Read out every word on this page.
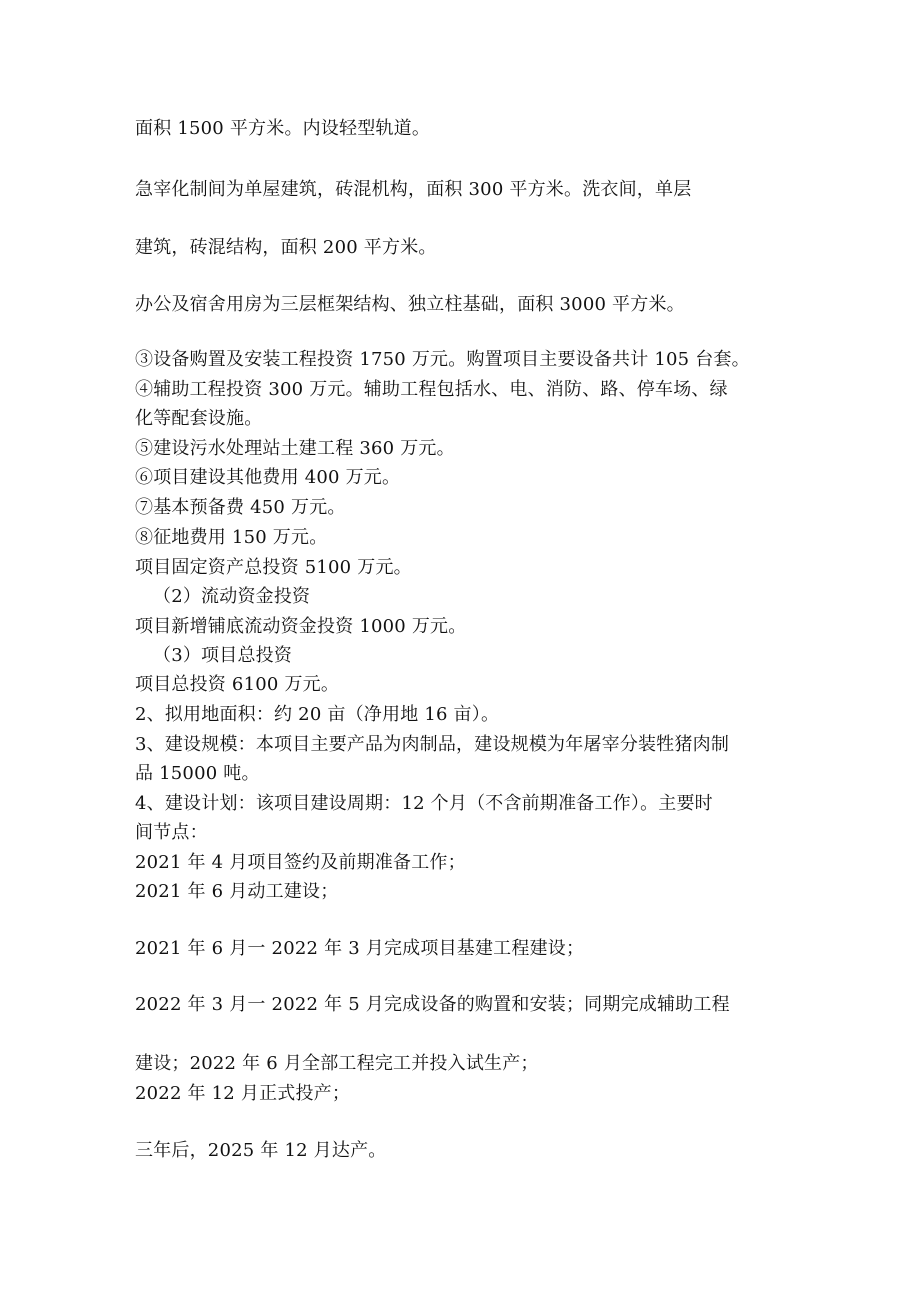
面积 1500 平方米。内设轻型轨道。
急宰化制间为单屋建筑，砖混机构，面积 300 平方米。洗衣间，单层
建筑，砖混结构，面积 200 平方米。
办公及宿舍用房为三层框架结构、独立柱基础，面积 3000 平方米。
③设备购置及安装工程投资 1750 万元。购置项目主要设备共计 105 台套。
④辅助工程投资 300 万元。辅助工程包括水、电、消防、路、停车场、绿
化等配套设施。
⑤建设污水处理站土建工程 360 万元。
⑥项目建设其他费用 400 万元。
⑦基本预备费 450 万元。
⑧征地费用 150 万元。
项目固定资产总投资 5100 万元。
（2）流动资金投资
项目新增铺底流动资金投资 1000 万元。
（3）项目总投资
项目总投资 6100 万元。
2、拟用地面积：约 20 亩（净用地 16 亩）。
3、建设规模：本项目主要产品为肉制品，建设规模为年屠宰分装牲猪肉制
品 15000 吨。
4、建设计划：该项目建设周期：12 个月（不含前期准备工作）。主要时
间节点：
2021 年 4 月项目签约及前期准备工作；
2021 年 6 月动工建设；
2021 年 6 月一 2022 年 3 月完成项目基建工程建设；
2022 年 3 月一 2022 年 5 月完成设备的购置和安装；同期完成辅助工程
建设；2022 年 6 月全部工程完工并投入试生产；
2022 年 12 月正式投产；
三年后，2025 年 12 月达产。
